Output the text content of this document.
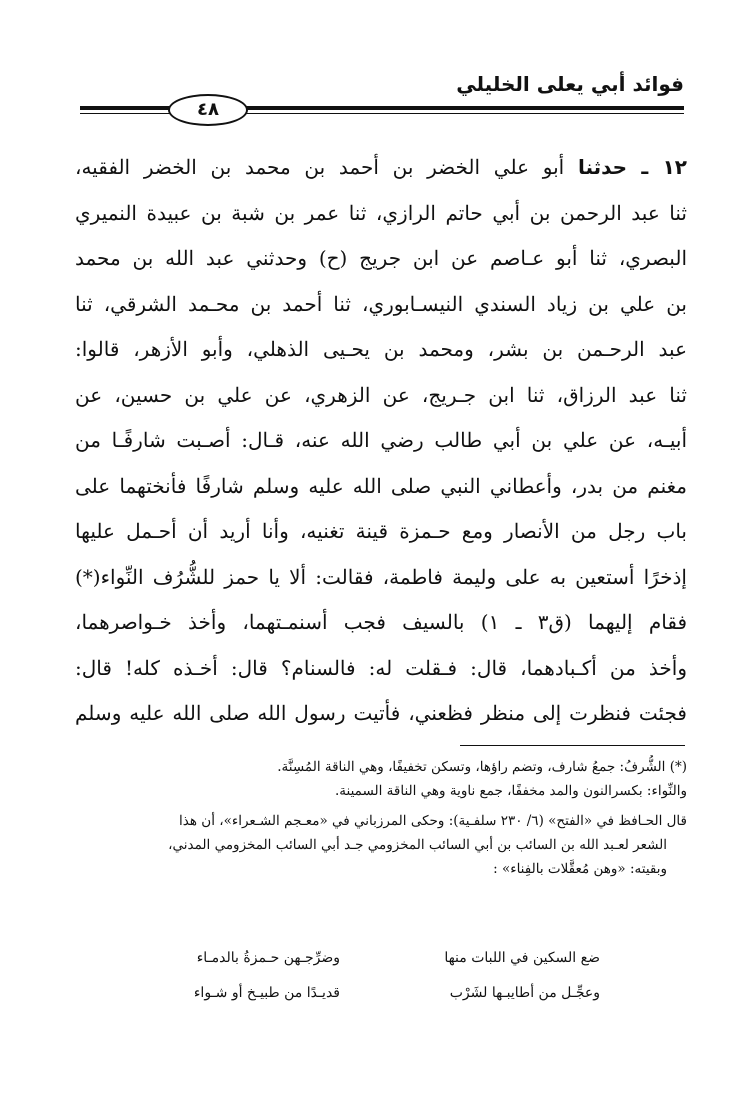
فوائد أبي يعلى الخليلي
٤٨
١٢ ـ حدثنا أبو علي الخضر بن أحمد بن محمد بن الخضر الفقيه،
ثنا عبد الرحمن بن أبي حاتم الرازي، ثنا عمر بن شبة بن عبيدة النميري
البصري، ثنا أبو عـاصم عن ابن جريج (ح) وحدثني عبد الله بن محمد
بن علي بن زياد السندي النيسـابوري، ثنا أحمد بن محـمد الشرقي، ثنا
عبد الرحـمن بن بشر، ومحمد بن يحـيى الذهلي، وأبو الأزهر، قالوا:
ثنا عبد الرزاق، ثنا ابن جـريج، عن الزهري، عن علي بن حسين، عن
أبيـه، عن علي بن أبي طالب رضي الله عنه، قـال: أصـبت شارفًـا من
مغنم من بدر، وأعطاني النبي صلى الله عليه وسلم شارفًا فأنختهما على
باب رجل من الأنصار ومع حـمزة قينة تغنيه، وأنا أريد أن أحـمل عليها
إذخرًا أستعين به على وليمة فاطمة، فقالت: ألا يا حمز للشُّرُف النِّواء(*)
فقام إليهما (ق٣ ـ ١) بالسيف فجب أسنمـتهما، وأخذ خـواصرهما،
وأخذ من أكـبادهما، قال: فـقلت له: فالسنام؟ قال: أخـذه كله! قال:
فجئت فنظرت إلى منظر فظعني، فأتيت رسول الله صلى الله عليه وسلم
(*) الشُّرفُ: جمعُ شارف، وتضم راؤها، وتسكن تخفيفًا، وهي الناقة المُسِنَّة.
والنِّواء: بكسرالنون والمد مخففًا، جمع ناوية وهي الناقة السمينة.
قال الحـافظ في «الفتح» (٦/ ٢٣٠ سلفـية): وحكى المرزباني في «معـجم الشـعراء»، أن هذا
الشعر لعـبد الله بن السائب بن أبي السائب المخزومي جـد أبي السائب المخزومي المدني،
وبقيته: «وهن مُعقَّلات بالفِناء» :
ضع السكين في اللبات منها
وضرِّجـهن حـمزةُ بالدمـاء
وعجِّـل من أطايبـها لشَرْب
قديـدًا من طبيـخ أو شـواء
